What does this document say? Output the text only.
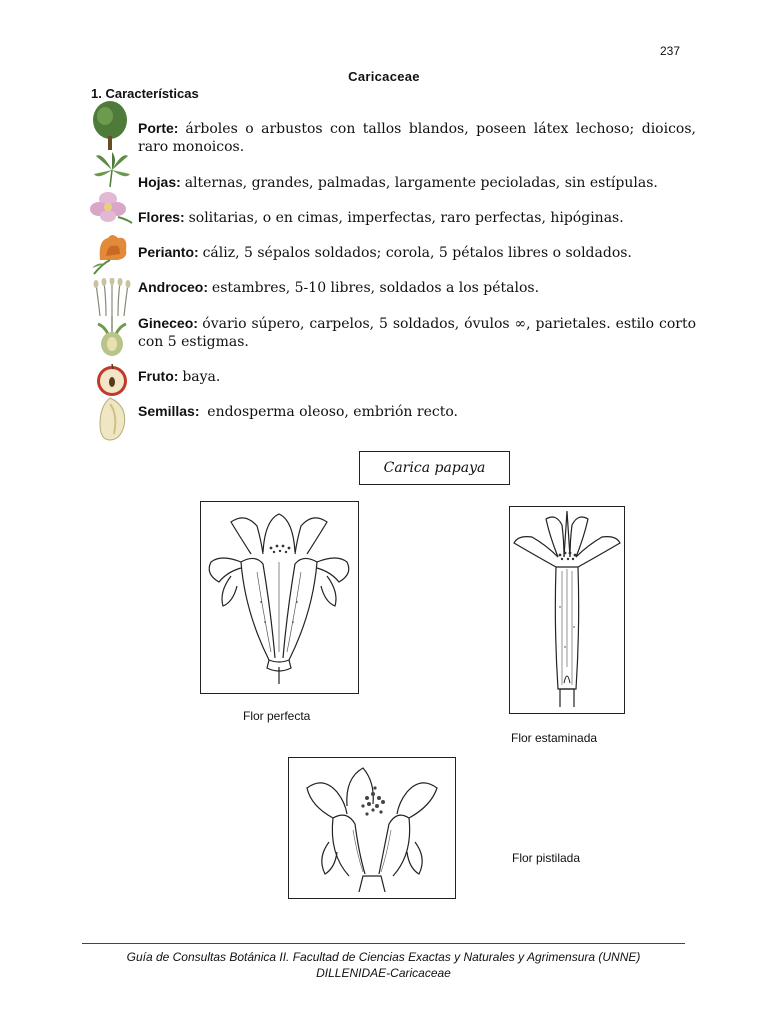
237
Caricaceae
1. Características
Porte: árboles o arbustos con tallos blandos, poseen látex lechoso; dioicos, raro monoicos.
Hojas: alternas, grandes, palmadas, largamente pecioladas, sin estípulas.
Flores: solitarias, o en cimas, imperfectas, raro perfectas, hipóginas.
Perianto: cáliz, 5 sépalos soldados; corola, 5 pétalos libres o soldados.
Androceo: estambres, 5-10 libres, soldados a los pétalos.
Gineceo: óvario súpero, carpelos, 5 soldados, óvulos ∞, parietales. estilo corto con 5 estigmas.
Fruto: baya.
Semillas:  endosperma oleoso, embrión recto.
Carica papaya
Flor perfecta
Flor estaminada
Flor pistilada
Guía de Consultas Botánica II. Facultad de Ciencias Exactas y Naturales y Agrimensura (UNNE)
DILLENIDAE-Caricaceae
